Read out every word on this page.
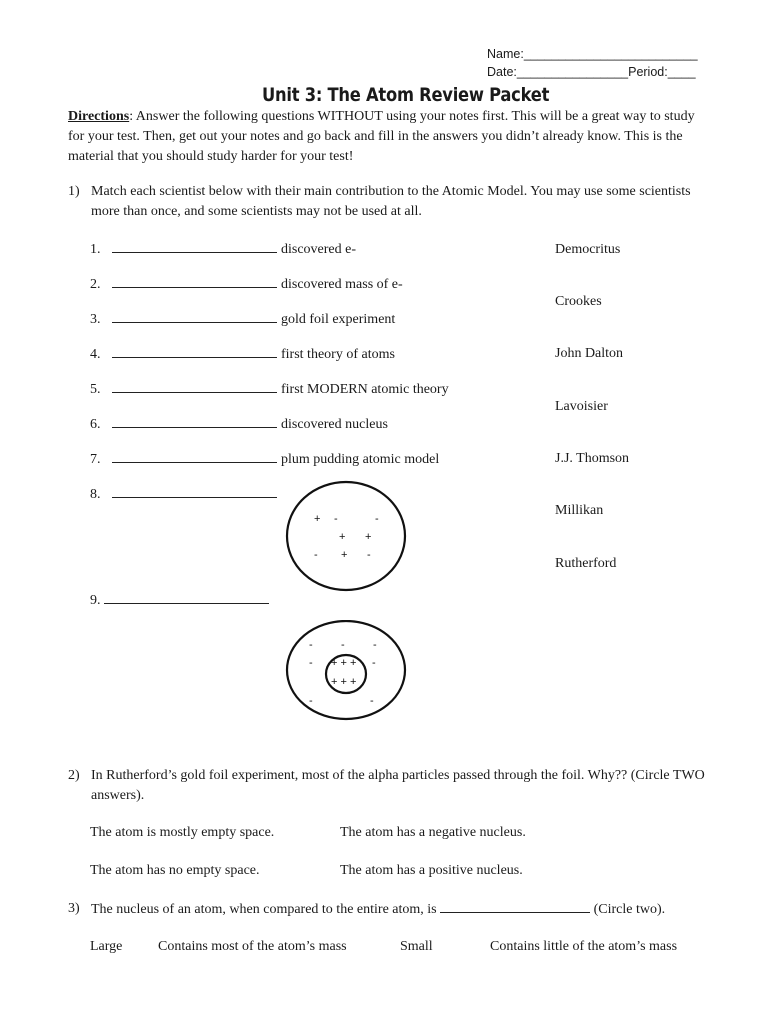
Name:_________________________
Date:________________Period:____
Unit 3: The Atom Review Packet
Directions: Answer the following questions WITHOUT using your notes first. This will be a great way to study for your test. Then, get out your notes and go back and fill in the answers you didn’t already know. This is the material that you should study harder for your test!
1) Match each scientist below with their main contribution to the Atomic Model. You may use some scientists more than once, and some scientists may not be used at all.
1.	discovered e-
2.	discovered mass of e-
3.	gold foil experiment
4.	first theory of atoms
5.	first MODERN atomic theory
6.	discovered nucleus
7.	plum pudding atomic model
8.
9.
Democritus
Crookes
John Dalton
Lavoisier
J.J. Thomson
Millikan
Rutherford
+ -	-
+ +
- + -
-	-	-
- + + + -
+ + +
-	-
-
2) In Rutherford’s gold foil experiment, most of the alpha particles passed through the foil. Why?? (Circle TWO answers).
The atom is mostly empty space.	The atom has a negative nucleus.
The atom has no empty space.	The atom has a positive nucleus.
3) The nucleus of an atom, when compared to the entire atom, is	(Circle two).
Large	Contains most of the atom’s mass	Small	Contains little of the atom’s mass
